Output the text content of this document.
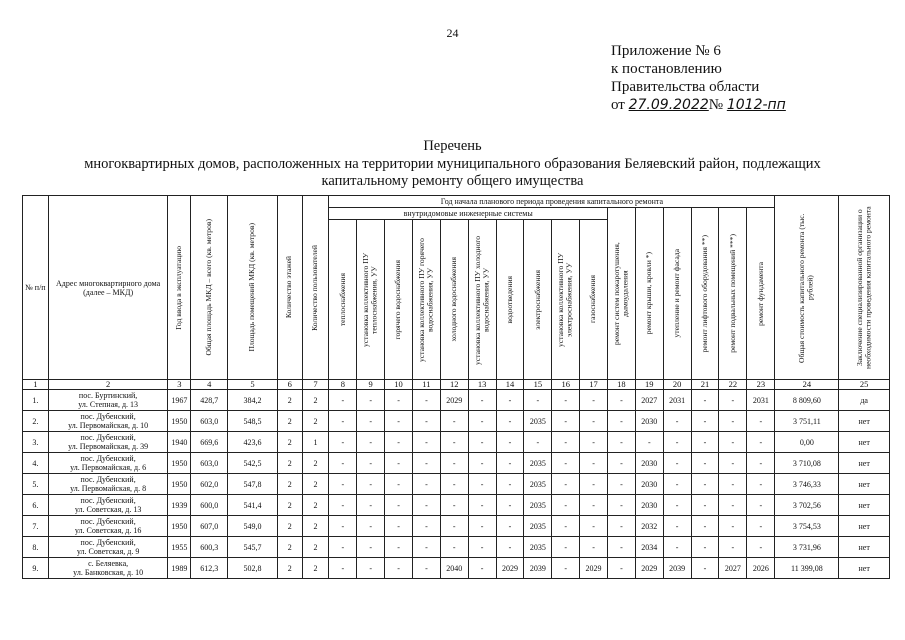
24
Приложение № 6
к постановлению
Правительства области
от 27.09.2022№ 1012-пп
Перечень
многоквартирных домов, расположенных на территории муниципального образования Беляевский район, подлежащих
капитальному ремонту общего имущества
№ п/п	Адрес многоквартирного дома (далее – МКД)	Год ввода в эксплуатацию	Общая площадь МКД – всего (кв. метров)	Площадь помещений МКД (кв. метров)	Количество этажей	Количество пользователей	Год начала планового периода проведения капитального ремонта																Общая стоимость капитального ремонта (тыс. рублей)	Заключение специализированной организации о необходимости проведения капитального ремонта

							внутридомовые инженерные системы										ремонт систем пожаротушения, дымоудаления	ремонт крыши, кровли *)	утепление и ремонт фасада	ремонт лифтового оборудования **)	ремонт подвальных помещений ***)	ремонт фундамента		

							теплоснабжения	установка коллективного ПУ теплоснабжения, УУ	горячего водоснабжения	установка коллективного ПУ горячего водоснабжения, УУ	холодного водоснабжения	установка коллективного ПУ холодного водоснабжения, УУ	водоотведения	электроснабжения	установка коллективного ПУ электроснабжения, УУ	газоснабжения								

1	2	3	4	5	6	7	8	9	10	11	12	13	14	15	16	17	18	19	20	21	22	23	24	25
1.	пос. Буртинский,
ул. Степная, д. 13	1967	428,7	384,2	2	2	-	-	-	-	2029	-	-	-	-	-	-	2027	2031	-	-	2031	8 809,60	да
2.	пос. Дубенский,
ул. Первомайская, д. 10	1950	603,0	548,5	2	2	-	-	-	-	-	-	-	2035	-	-	-	2030	-	-	-	-	3 751,11	нет
3.	пос. Дубенский,
ул. Первомайская, д. 39	1940	669,6	423,6	2	1	-	-	-	-	-	-	-	-	-	-	-	-	-	-	-	-	0,00	нет
4.	пос. Дубенский,
ул. Первомайская, д. 6	1950	603,0	542,5	2	2	-	-	-	-	-	-	-	2035	-	-	-	2030	-	-	-	-	3 710,08	нет
5.	пос. Дубенский,
ул. Первомайская, д. 8	1950	602,0	547,8	2	2	-	-	-	-	-	-	-	2035	-	-	-	2030	-	-	-	-	3 746,33	нет
6.	пос. Дубенский,
ул. Советская, д. 13	1939	600,0	541,4	2	2	-	-	-	-	-	-	-	2035	-	-	-	2030	-	-	-	-	3 702,56	нет
7.	пос. Дубенский,
ул. Советская, д. 16	1950	607,0	549,0	2	2	-	-	-	-	-	-	-	2035	-	-	-	2032	-	-	-	-	3 754,53	нет
8.	пос. Дубенский,
ул. Советская, д. 9	1955	600,3	545,7	2	2	-	-	-	-	-	-	-	2035	-	-	-	2034	-	-	-	-	3 731,96	нет
9.	с. Беляевка,
ул. Банковская, д. 10	1989	612,3	502,8	2	2	-	-	-	-	2040	-	2029	2039	-	2029	-	2029	2039	-	2027	2026	11 399,08	нет
